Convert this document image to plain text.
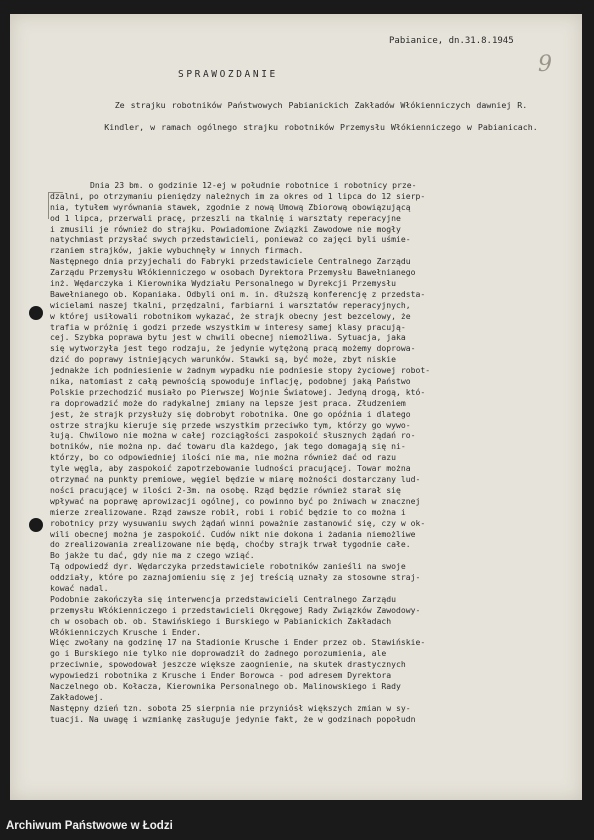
9
Pabianice, dn.31.8.1945
SPRAWOZDANIE
Ze strajku robotników Państwowych Pabianickich Zakładów Włókienniczych dawniej R. Kindler, w ramach ogólnego strajku robotników Przemysłu Włókienniczego w Pabianicach.
Dnia 23 bm. o godzinie 12-ej w południe robotnice i robotnicy prze-
dzalni, po otrzymaniu pieniędzy należnych im za okres od 1 lipca do 12 sierp-
nia, tytułem wyrównania stawek, zgodnie z nową Umową Zbiorową obowiązującą
od 1 lipca, przerwali pracę, przeszli na tkalnię i warsztaty reperacyjne
i zmusili je również do strajku. Powiadomione Związki Zawodowe nie mogły
natychmiast przysłać swych przedstawicieli, ponieważ co zajęci byli uśmie-
rzaniem strajków, jakie wybuchnęły w innych firmach.
Następnego dnia przyjechali do Fabryki przedstawiciele Centralnego Zarządu
Zarządu Przemysłu Włókienniczego w osobach Dyrektora Przemysłu Bawełnianego
inż. Wędarczyka i Kierownika Wydziału Personalnego w Dyrekcji Przemysłu
Bawełnianego ob. Kopaniaka. Odbyli oni m. in. dłuższą konferencję z przedsta-
wicielami naszej tkalni, przędzalni, farbiarni i warsztatów reperacyjnych,
w której usiłowali robotnikom wykazać, że strajk obecny jest bezcelowy, że
trafia w próżnię i godzi przede wszystkim w interesy samej klasy pracują-
cej. Szybka poprawa bytu jest w chwili obecnej niemożliwa. Sytuacja, jaka
się wytworzyła jest tego rodzaju, że jedynie wytężoną pracą możemy doprowa-
dzić do poprawy istniejących warunków. Stawki są, być może, zbyt niskie
jednakże ich podniesienie w żadnym wypadku nie podniesie stopy życiowej robot-
nika, natomiast z całą pewnością spowoduje inflację, podobnej jaką Państwo
Polskie przechodzić musiało po Pierwszej Wojnie Światowej. Jedyną drogą, któ-
ra doprowadzić może do radykalnej zmiany na lepsze jest praca. Złudzeniem
jest, że strajk przysłuży się dobrobyt robotnika. One go opóźnia i dlatego
ostrze strajku kieruje się przede wszystkim przeciwko tym, którzy go wywo-
łują. Chwilowo nie można w całej rozciągłości zaspokoić słusznych żądań ro-
botników, nie można np. dać towaru dla każdego, jak tego domagają się ni-
którzy, bo co odpowiedniej ilości nie ma, nie można również dać od razu
tyle węgla, aby zaspokoić zapotrzebowanie ludności pracującej. Towar można
otrzymać na punkty premiowe, węgiel będzie w miarę możności dostarczany lud-
ności pracującej w ilości 2-3m. na osobę. Rząd będzie również starał się
wpływać na poprawę aprowizacji ogólnej, co powinno być po żniwach w znacznej
mierze zrealizowane. Rząd zawsze robił, robi i robić będzie to co można i
robotnicy przy wysuwaniu swych żądań winni poważnie zastanowić się, czy w ok-
wili obecnej można je zaspokoić. Cudów nikt nie dokona i żadania niemożliwe
do zrealizowania zrealizowane nie będą, choćby strajk trwał tygodnie całe.
Bo jakże tu dać, gdy nie ma z czego wziąć.
Tą odpowiedź dyr. Wędarczyka przedstawiciele robotników zanieśli na swoje
oddziały, które po zaznajomieniu się z jej treścią uznały za stosowne straj-
kować nadal.
Podobnie zakończyła się interwencja przedstawicieli Centralnego Zarządu
przemysłu Włókienniczego i przedstawicieli Okręgowej Rady Związków Zawodowy-
ch w osobach ob. ob. Stawińskiego i Burskiego w Pabianickich Zakładach
Włókienniczych Krusche i Ender.
Więc zwołany na godzinę 17 na Stadionie Krusche i Ender przez ob. Stawińskie-
go i Burskiego nie tylko nie doprowadził do żadnego porozumienia, ale
przeciwnie, spowodował jeszcze większe zaognienie, na skutek drastycznych
wypowiedzi robotnika z Krusche i Ender Borowca - pod adresem Dyrektora
Naczelnego ob. Kołacza, Kierownika Personalnego ob. Malinowskiego i Rady
Zakładowej.
Następny dzień tzn. sobota 25 sierpnia nie przyniósł większych zmian w sy-
tuacji. Na uwagę i wzmiankę zasługuje jedynie fakt, że w godzinach popołudn
Archiwum Państwowe w Łodzi
